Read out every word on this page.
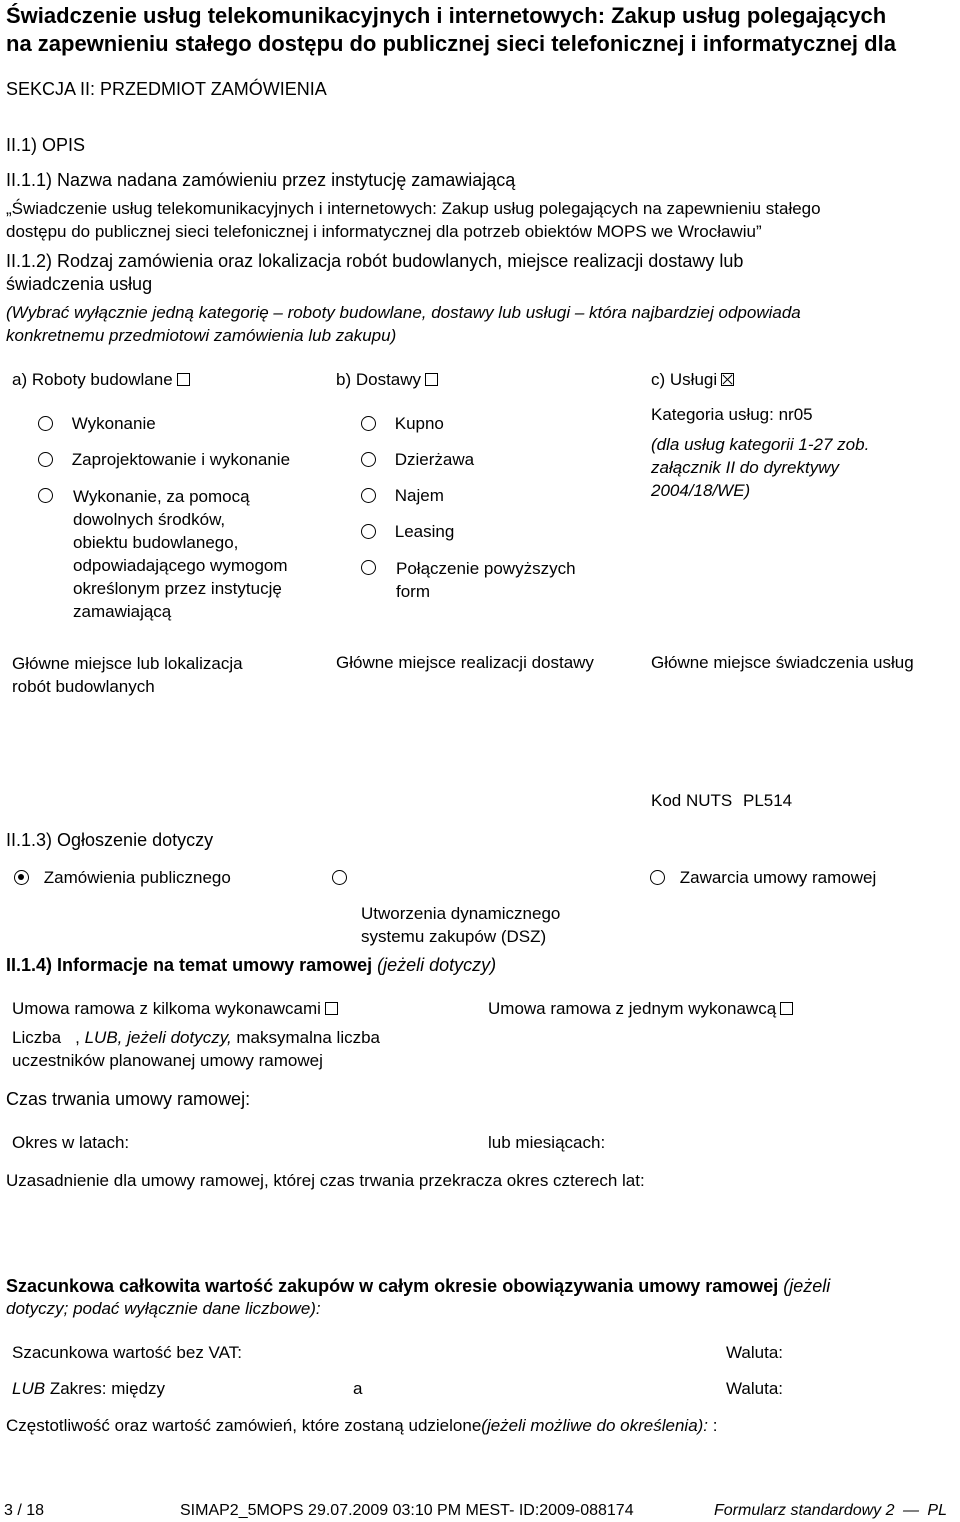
Świadczenie usług telekomunikacyjnych i internetowych: Zakup usług polegających
na zapewnieniu stałego dostępu do publicznej sieci telefonicznej i informatycznej dla
SEKCJA II: PRZEDMIOT ZAMÓWIENIA
II.1) OPIS
II.1.1) Nazwa nadana zamówieniu przez instytucję zamawiającą
„Świadczenie usług telekomunikacyjnych i internetowych: Zakup usług polegających na zapewnieniu stałego
dostępu do publicznej sieci telefonicznej i informatycznej dla potrzeb obiektów MOPS we Wrocławiu”
II.1.2) Rodzaj zamówienia oraz lokalizacja robót budowlanych, miejsce realizacji dostawy lub
świadczenia usług
(Wybrać wyłącznie jedną kategorię – roboty budowlane, dostawy lub usługi – która najbardziej odpowiada
konkretnemu przedmiotowi zamówienia lub zakupu)
a) Roboty budowlane	b) Dostawy	c) Usługi
Wykonanie
Zaprojektowanie i wykonanie
Wykonanie, za pomocą
dowolnych środków,
obiektu budowlanego,
odpowiadającego wymogom
określonym przez instytucję
zamawiającą
Kupno
Dzierżawa
Najem
Leasing
Połączenie powyższych
form
Kategoria usług: nr05
(dla usług kategorii 1-27 zob.
załącznik II do dyrektywy
2004/18/WE)
Główne miejsce lub lokalizacja
robót budowlanych
Główne miejsce realizacji dostawy	Główne miejsce świadczenia usług
Kod NUTS PL514
II.1.3) Ogłoszenie dotyczy
Zamówienia publicznego
Utworzenia dynamicznego
systemu zakupów (DSZ)
Zawarcia umowy ramowej
II.1.4) Informacje na temat umowy ramowej (jeżeli dotyczy)
Umowa ramowa z kilkoma wykonawcami	Umowa ramowa z jednym wykonawcą
Liczba , LUB, jeżeli dotyczy, maksymalna liczba
uczestników planowanej umowy ramowej
Czas trwania umowy ramowej:
Okres w latach:	lub miesiącach:
Uzasadnienie dla umowy ramowej, której czas trwania przekracza okres czterech lat:
Szacunkowa całkowita wartość zakupów w całym okresie obowiązywania umowy ramowej (jeżeli
dotyczy; podać wyłącznie dane liczbowe):
Szacunkowa wartość bez VAT:	Waluta:
LUB Zakres: między	a	Waluta:
Częstotliwość oraz wartość zamówień, które zostaną udzielone(jeżeli możliwe do określenia): :
3 / 18	SIMAP2_5MOPS 29.07.2009 03:10 PM MEST- ID:2009-088174	Formularz standardowy 2 — PL
